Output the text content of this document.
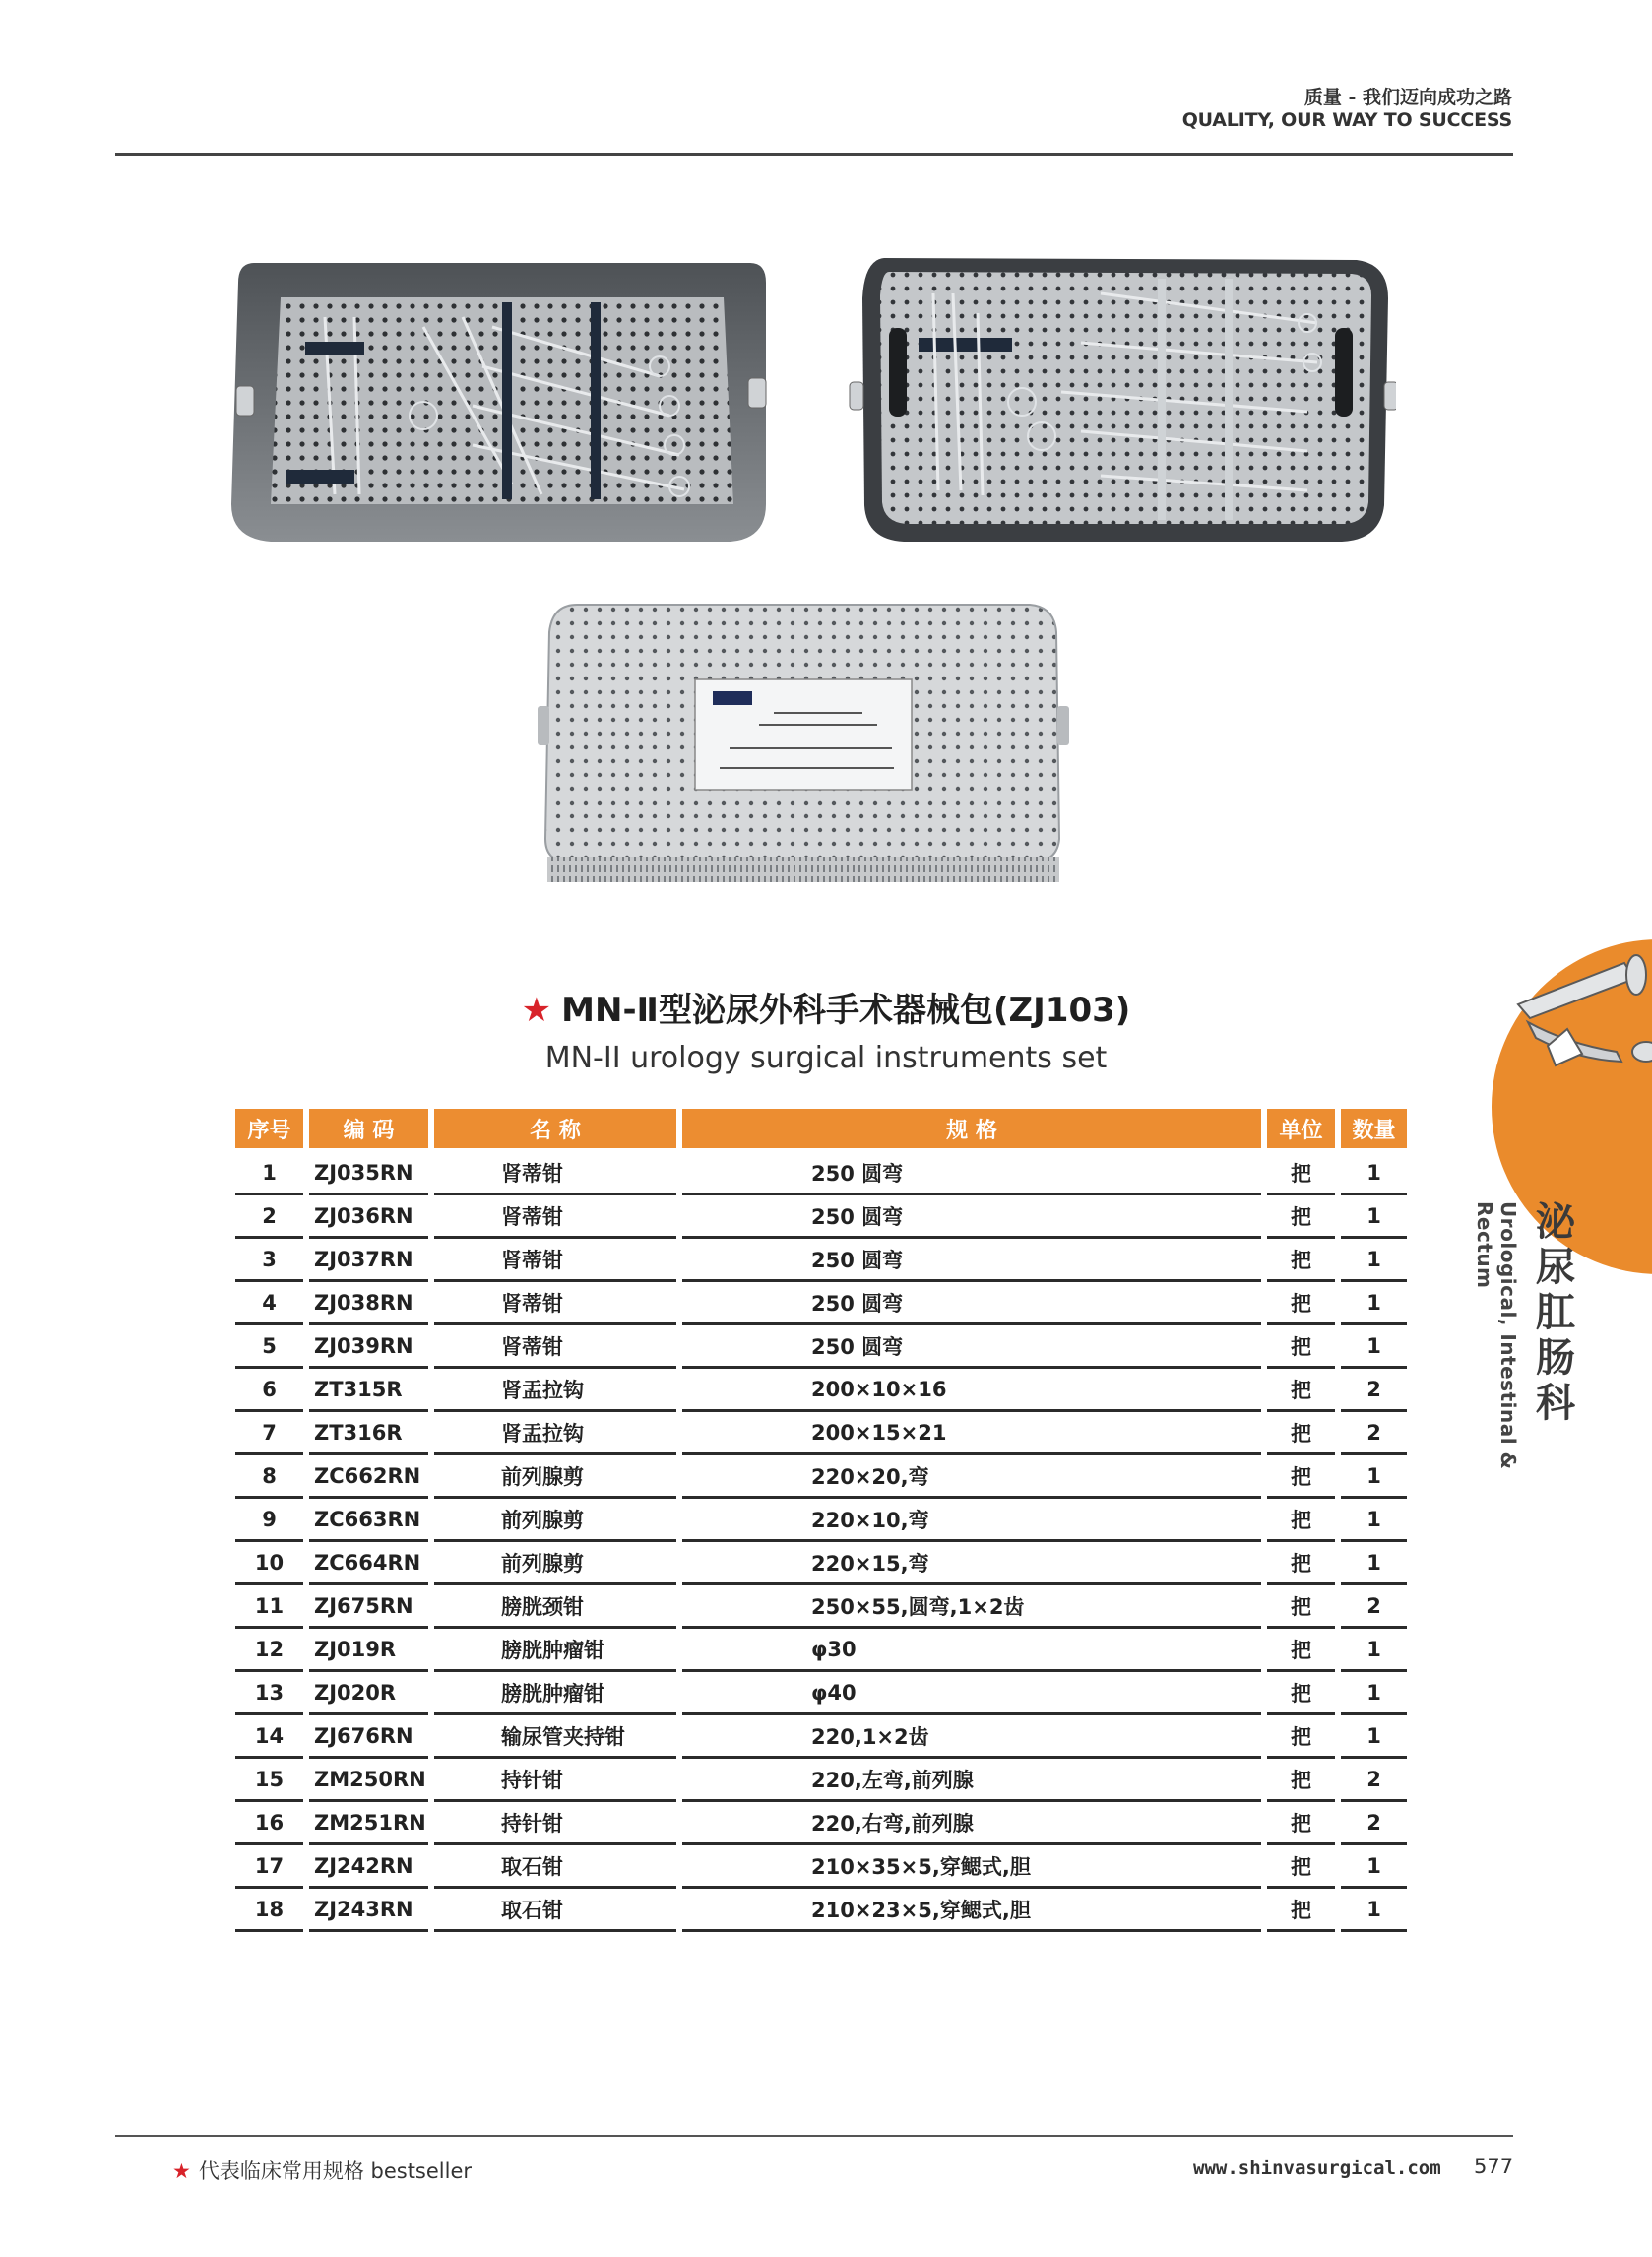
质量 - 我们迈向成功之路
QUALITY, OUR WAY TO SUCCESS
★ MN-Ⅱ型泌尿外科手术器械包(ZJ103)
MN-II urology surgical instruments set
序号	编 码	名 称	规 格	单位	数量
1	ZJ035RN	肾蒂钳	250 圆弯	把	1
2	ZJ036RN	肾蒂钳	250 圆弯	把	1
3	ZJ037RN	肾蒂钳	250 圆弯	把	1
4	ZJ038RN	肾蒂钳	250 圆弯	把	1
5	ZJ039RN	肾蒂钳	250 圆弯	把	1
6	ZT315R	肾盂拉钩	200×10×16	把	2
7	ZT316R	肾盂拉钩	200×15×21	把	2
8	ZC662RN	前列腺剪	220×20,弯	把	1
9	ZC663RN	前列腺剪	220×10,弯	把	1
10	ZC664RN	前列腺剪	220×15,弯	把	1
11	ZJ675RN	膀胱颈钳	250×55,圆弯,1×2齿	把	2
12	ZJ019R	膀胱肿瘤钳	φ30	把	1
13	ZJ020R	膀胱肿瘤钳	φ40	把	1
14	ZJ676RN	输尿管夹持钳	220,1×2齿	把	1
15	ZM250RN	持针钳	220,左弯,前列腺	把	2
16	ZM251RN	持针钳	220,右弯,前列腺	把	2
17	ZJ242RN	取石钳	210×35×5,穿鳃式,胆	把	1
18	ZJ243RN	取石钳	210×23×5,穿鳃式,胆	把	1
泌尿肛肠科
Urological, Intestinal & Rectum
★ 代表临床常用规格 bestseller	www.shinvasurgical.com 577
